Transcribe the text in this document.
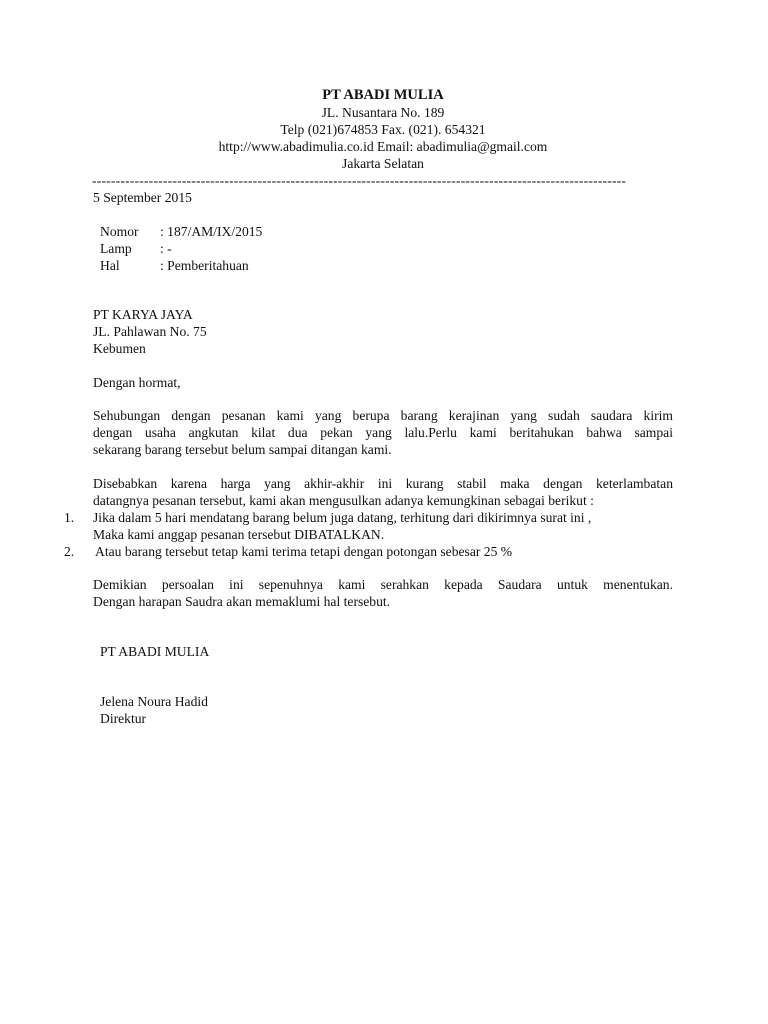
PT ABADI MULIA
JL. Nusantara No. 189
Telp (021)674853 Fax. (021). 654321
http://www.abadimulia.co.id Email: abadimulia@gmail.com
Jakarta Selatan
-----------------------------------------------------------------------------------------------------------------
5 September 2015
Nomor : 187/AM/IX/2015
Lamp : -
Hal	: Pemberitahuan
PT KARYA JAYA
JL. Pahlawan No. 75
Kebumen
Dengan hormat,
Sehubungan dengan pesanan kami yang berupa barang kerajinan yang sudah saudara kirim
dengan usaha angkutan kilat dua pekan yang lalu.Perlu kami beritahukan bahwa sampai
sekarang barang tersebut belum sampai ditangan kami.
Disebabkan karena harga yang akhir-akhir ini kurang stabil maka dengan keterlambatan
datangnya pesanan tersebut, kami akan mengusulkan adanya kemungkinan sebagai berikut :
1. Jika dalam 5 hari mendatang barang belum juga datang, terhitung dari dikirimnya surat ini ,
Maka kami anggap pesanan tersebut DIBATALKAN.
2. Atau barang tersebut tetap kami terima tetapi dengan potongan sebesar 25 %
Demikian persoalan ini sepenuhnya kami serahkan kepada Saudara untuk menentukan.
Dengan harapan Saudra akan memaklumi hal tersebut.
PT ABADI MULIA
Jelena Noura Hadid
Direktur
